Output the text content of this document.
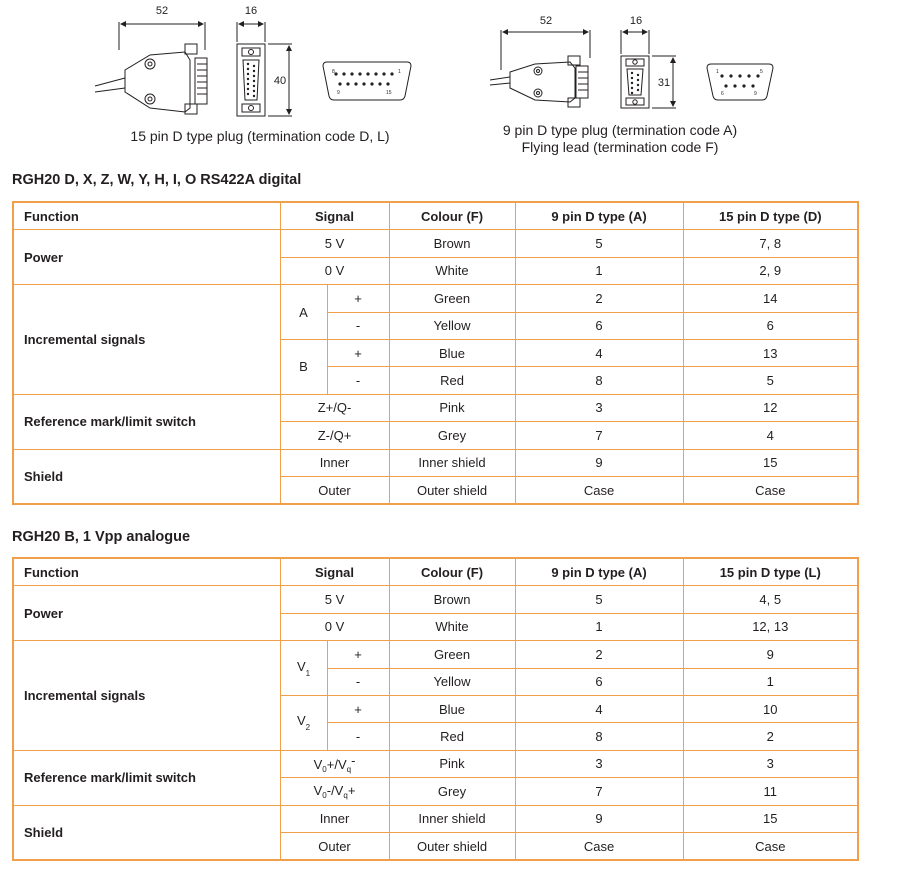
52	16
40
1
8
9	15
52	16
31
1	5
6	9
15 pin D type plug (termination code D, L)	9 pin D type plug (termination code A)
Flying lead (termination code F)
RGH20 D, X, Z, W, Y, H, I, O RS422A digital
Function	Signal		Colour (F)	9 pin D type (A)	15 pin D type (D)
Power	5 V		Brown	5	7, 8
	0 V		White	1	2, 9
Incremental signals	A	+	Green	2	14
		-	Yellow	6	6
	B	+	Blue	4	13
		-	Red	8	5
Reference mark/limit switch	Z+/Q-		Pink	3	12
	Z-/Q+		Grey	7	4
Shield	Inner		Inner shield	9	15
	Outer		Outer shield	Case	Case
RGH20 B, 1 Vpp analogue
Function	Signal		Colour (F)	9 pin D type (A)	15 pin D type (L)
Power	5 V		Brown	5	4, 5
	0 V		White	1	12, 13
Incremental signals	$V_1$	+	Green	2	9
		-	Yellow	6	1
	$V_2$	+	Blue	4	10
		-	Red	8	2
Reference mark/limit switch	$V_0+/V_q-$		Pink	3	3
	$V_0-/V_q+$		Grey	7	11
Shield	Inner		Inner shield	9	15
	Outer		Outer shield	Case	Case
